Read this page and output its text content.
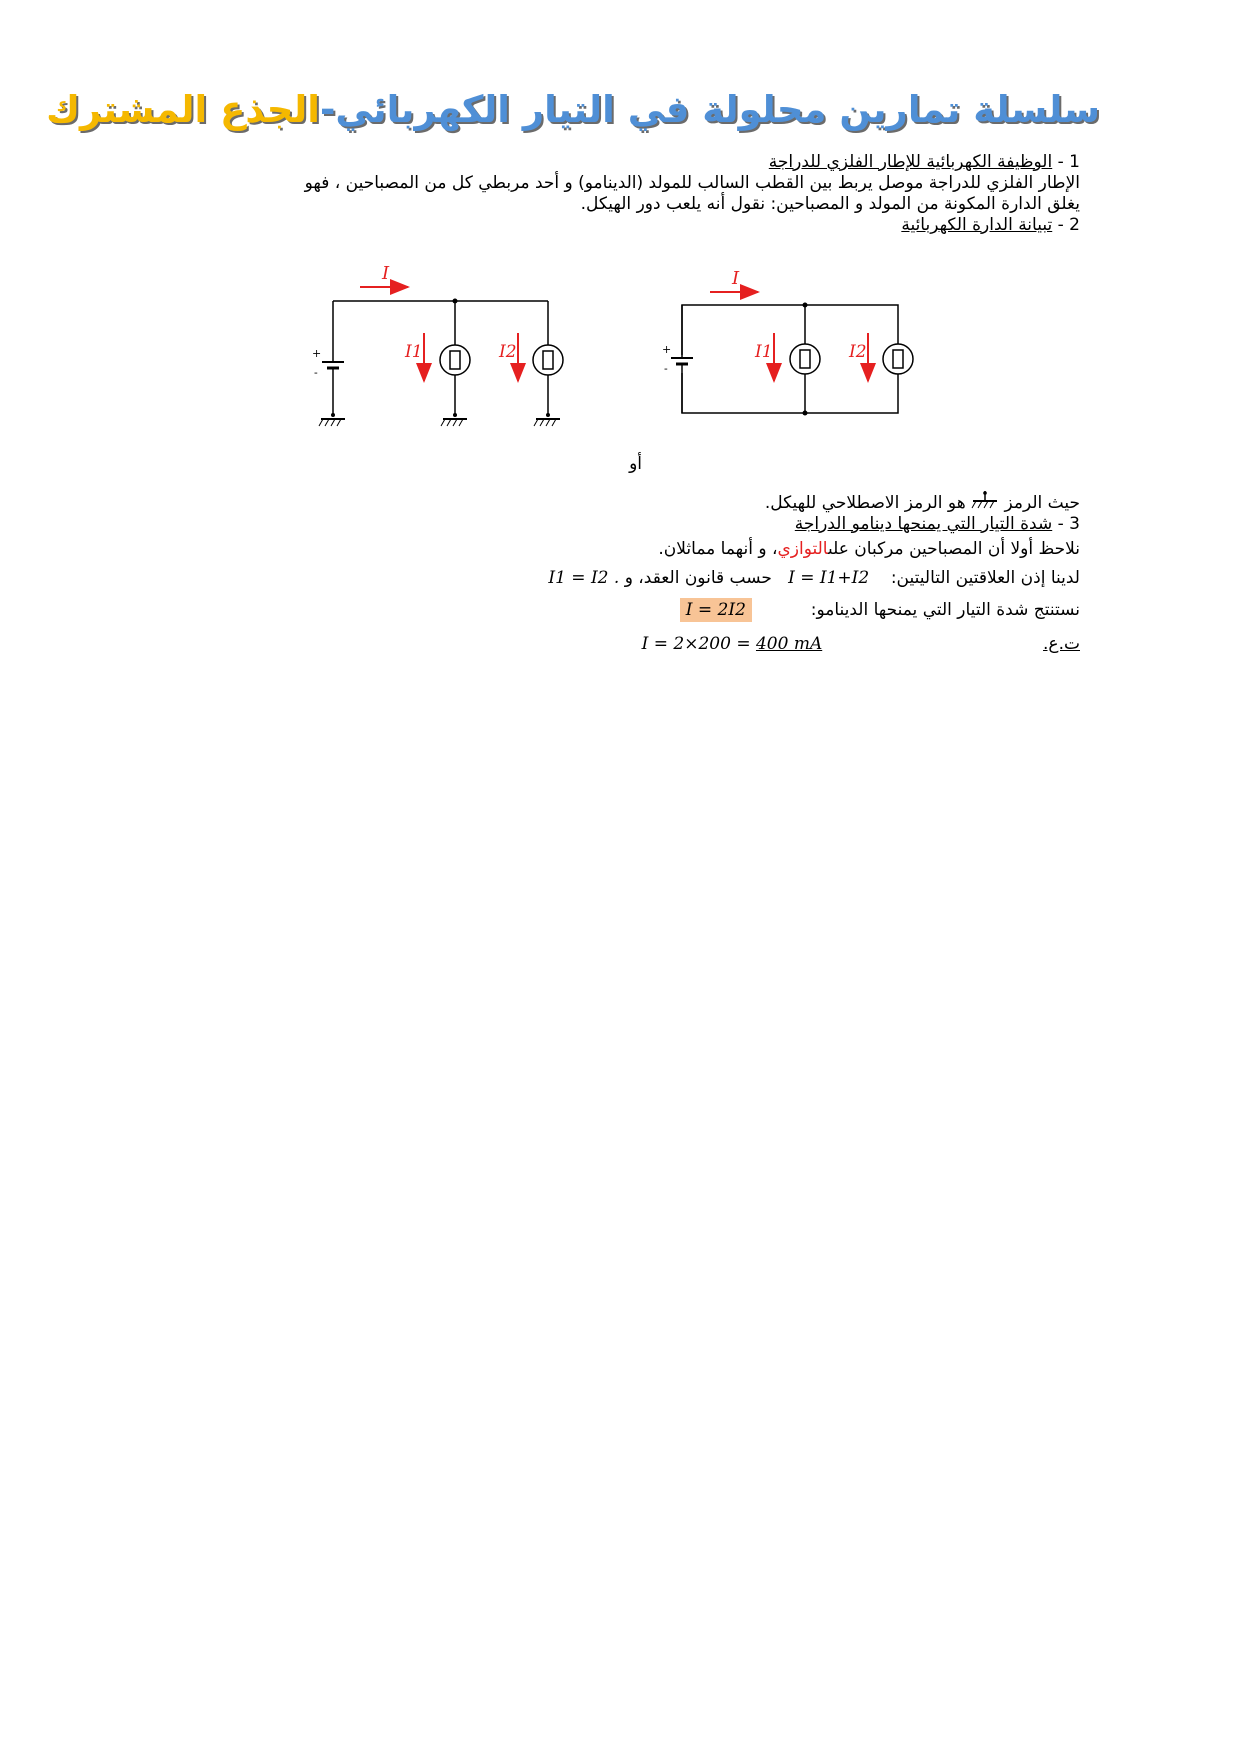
سلسلة تمارين محلولة في التيار الكهربائي-الجذع المشترك
1 - الوظيفة الكهربائية للإطار الفلزي للدراجة
الإطار الفلزي للدراجة موصل يربط بين القطب السالب للمولد (الدينامو) و أحد مربطي كل من المصباحين ، فهو
يغلق الدارة المكونة من المولد و المصباحين: نقول أنه يلعب دور الهيكل.
2 - تبيانة الدارة الكهربائية
+
-
I
I1	I2	+
-
I
I1	I2
أو
حيث الرمز  هو الرمز الاصطلاحي للهيكل.
3 - شدة التيار التي يمنحها دينامو الدراجة
نلاحظ أولا أن المصباحين مركبان علىالتوازي، و أنهما مماثلان.
لدينا إذن العلاقتين التاليتين:    I = I1+I2   حسب قانون العقد، و I1 = I2 .
نستنتج شدة التيار التي يمنحها الدينامو:  I = 2I2
ت.ع.  I = 2×200 = 400 mA
